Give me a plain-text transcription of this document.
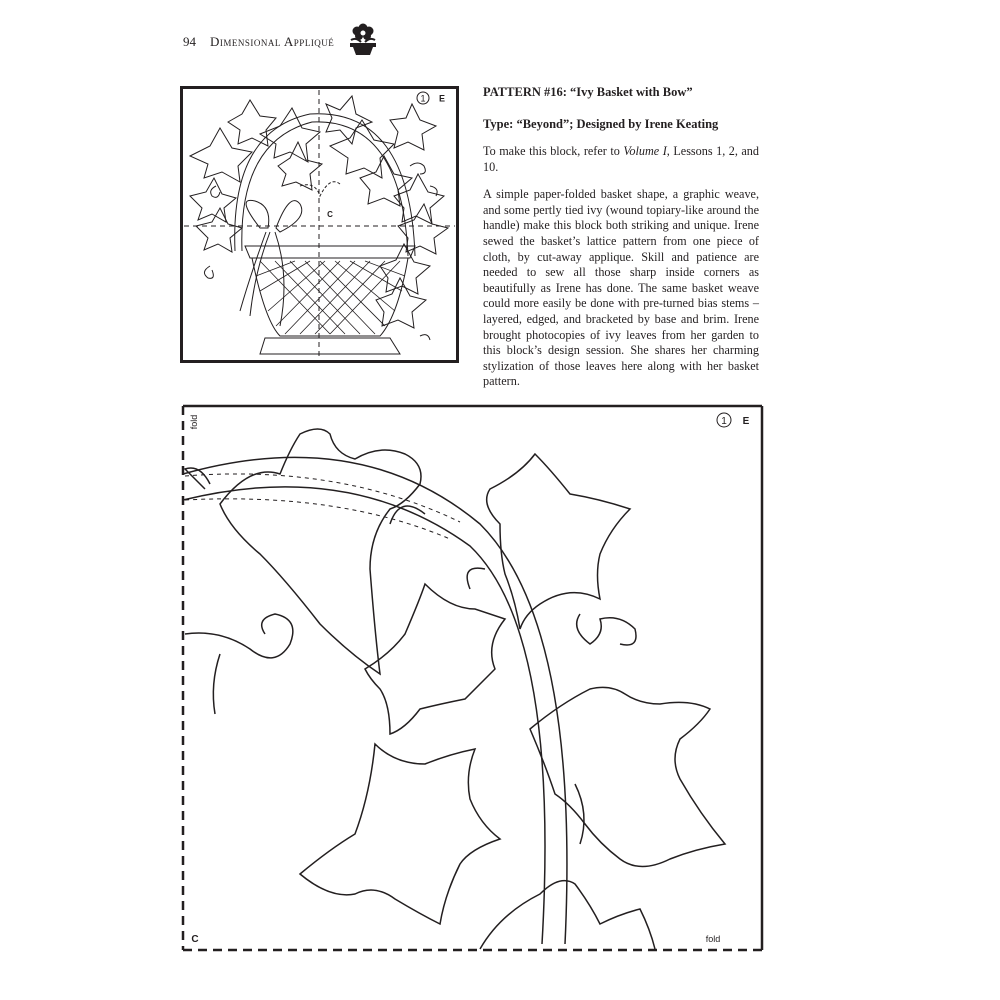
94 Dimensional Appliqué
1 E
C
PATTERN #16: “Ivy Basket with Bow”
Type: “Beyond”; Designed by Irene Keating

To make this block, refer to Volume I, Lessons 1, 2, and 10.

A simple paper-folded basket shape, a graphic weave, and some pertly tied ivy (wound topiary-like around the handle) make this block both striking and unique. Irene sewed the basket’s lattice pattern from one piece of cloth, by cut-away applique. Skill and patience are needed to sew all those sharp inside corners as beautifully as Irene has done. The same basket weave could more easily be done with pre-turned bias stems – layered, edged, and bracketed by base and brim. Irene brought photocopies of ivy leaves from her garden to this block’s design session. She shares her charming stylization of those leaves here along with her basket pattern.

1 E
C	fold
fold
